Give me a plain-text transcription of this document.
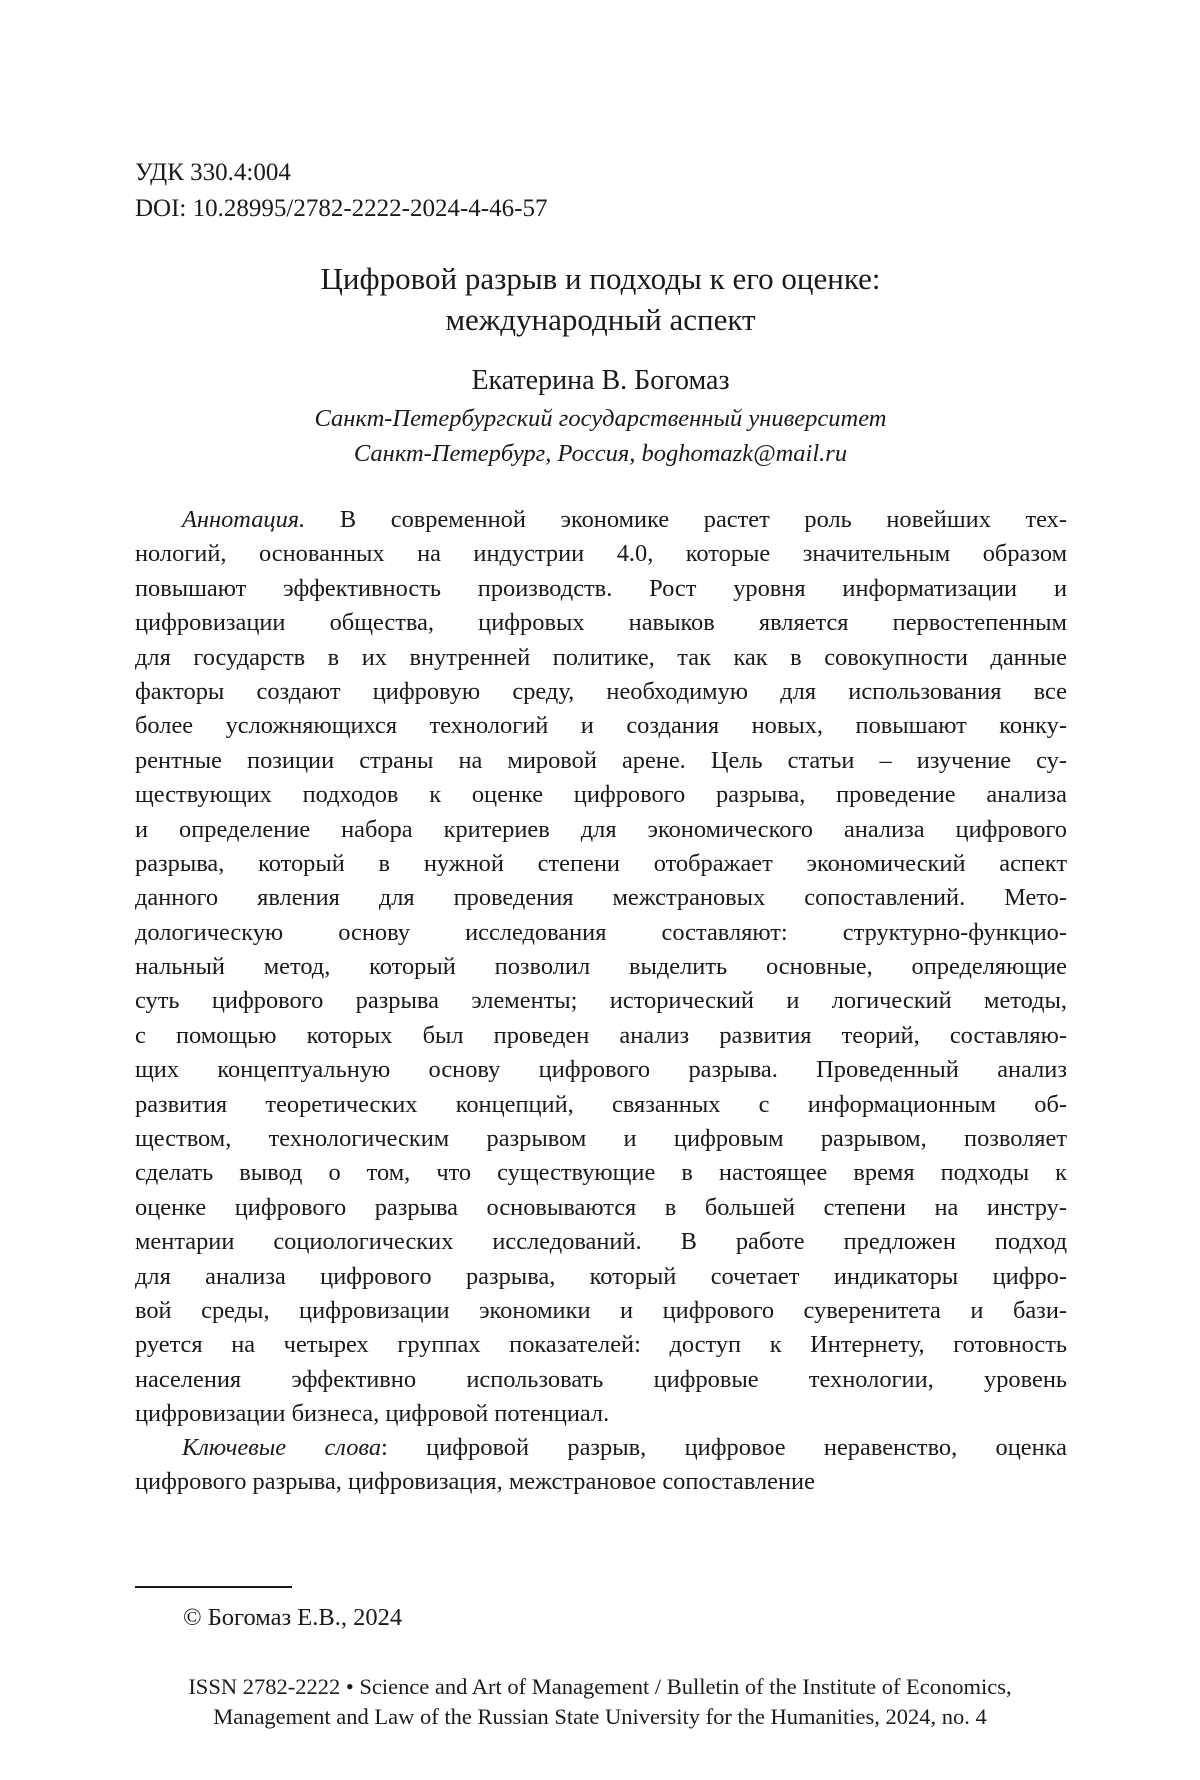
УДК 330.4:004
DOI: 10.28995/2782-2222-2024-4-46-57
Цифровой разрыв и подходы к его оценке:
международный аспект
Екатерина В. Богомаз
Санкт-Петербургский государственный университет
Санкт-Петербург, Россия, boghomazk@mail.ru
Аннотация. В современной экономике растет роль новейших тех-
нологий, основанных на индустрии 4.0, которые значительным образом
повышают эффективность производств. Рост уровня информатизации и
цифровизации общества, цифровых навыков является первостепенным
для государств в их внутренней политике, так как в совокупности данные
факторы создают цифровую среду, необходимую для использования все
более усложняющихся технологий и создания новых, повышают конку-
рентные позиции страны на мировой арене. Цель статьи – изучение су-
ществующих подходов к оценке цифрового разрыва, проведение анализа
и определение набора критериев для экономического анализа цифрового
разрыва, который в нужной степени отображает экономический аспект
данного явления для проведения межстрановых сопоставлений. Мето-
дологическую основу исследования составляют: структурно-функцио-
нальный метод, который позволил выделить основные, определяющие
суть цифрового разрыва элементы; исторический и логический методы,
с помощью которых был проведен анализ развития теорий, составляю-
щих концептуальную основу цифрового разрыва. Проведенный анализ
развития теоретических концепций, связанных с информационным об-
ществом, технологическим разрывом и цифровым разрывом, позволяет
сделать вывод о том, что существующие в настоящее время подходы к
оценке цифрового разрыва основываются в большей степени на инстру-
ментарии социологических исследований. В работе предложен подход
для анализа цифрового разрыва, который сочетает индикаторы цифро-
вой среды, цифровизации экономики и цифрового суверенитета и бази-
руется на четырех группах показателей: доступ к Интернету, готовность
населения эффективно использовать цифровые технологии, уровень
цифровизации бизнеса, цифровой потенциал.
Ключевые слова: цифровой разрыв, цифровое неравенство, оценка
цифрового разрыва, цифровизация, межстрановое сопоставление
© Богомаз Е.В., 2024
ISSN 2782-2222 • Science and Art of Management / Bulletin of the Institute of Economics,
Management and Law of the Russian State University for the Humanities, 2024, no. 4
